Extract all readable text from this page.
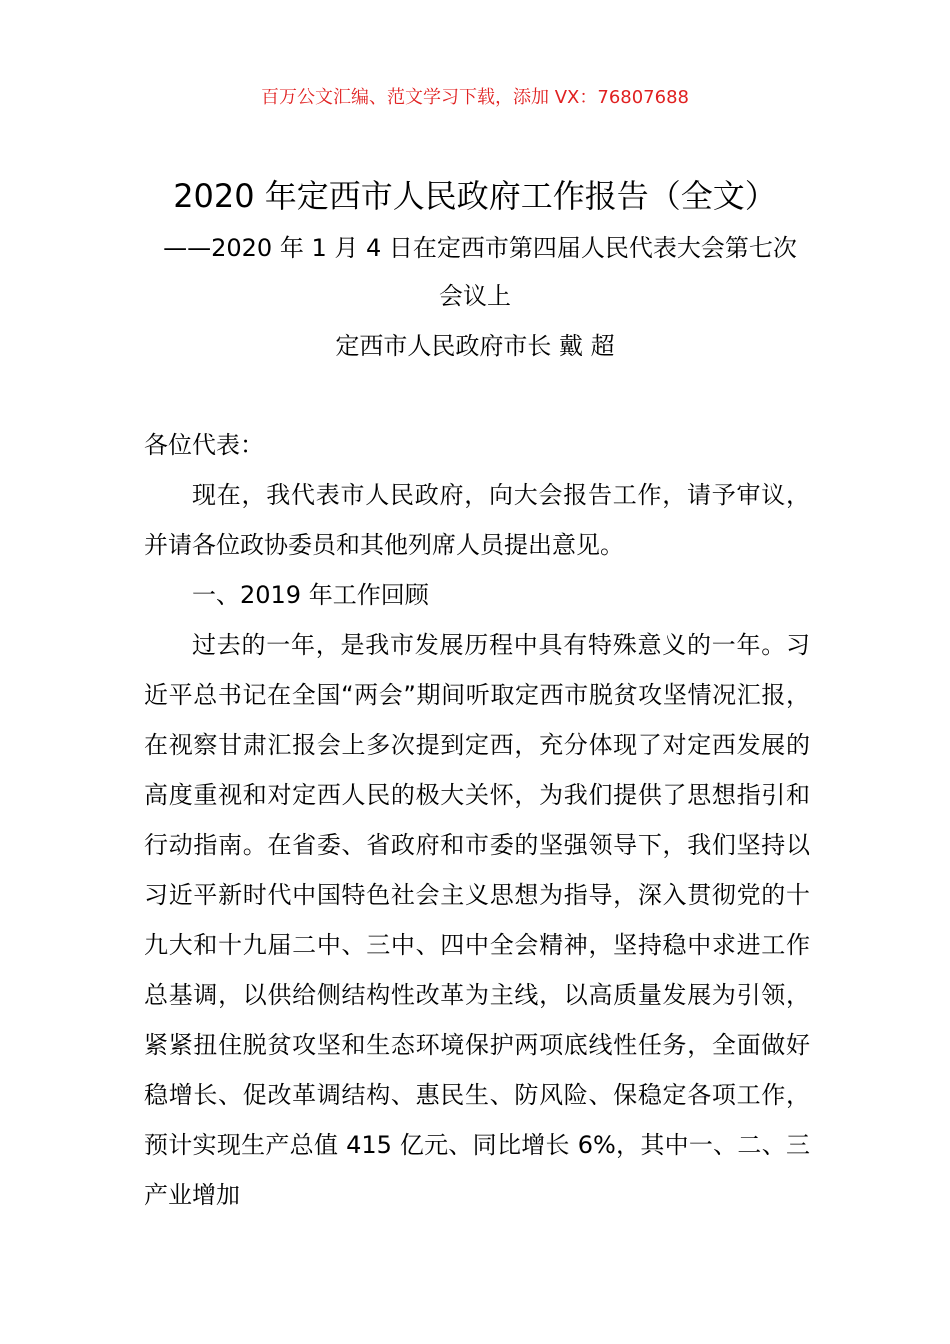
百万公文汇编、范文学习下载，添加 VX：76807688
2020 年定西市人民政府工作报告（全文）
——2020 年 1 月 4 日在定西市第四届人民代表大会第七次
会议上
定西市人民政府市长 戴 超

各位代表：

现在，我代表市人民政府，向大会报告工作，请予审议，并请各位政协委员和其他列席人员提出意见。

一、2019 年工作回顾

过去的一年，是我市发展历程中具有特殊意义的一年。习近平总书记在全国“两会”期间听取定西市脱贫攻坚情况汇报，在视察甘肃汇报会上多次提到定西，充分体现了对定西发展的高度重视和对定西人民的极大关怀，为我们提供了思想指引和行动指南。在省委、省政府和市委的坚强领导下，我们坚持以习近平新时代中国特色社会主义思想为指导，深入贯彻党的十九大和十九届二中、三中、四中全会精神，坚持稳中求进工作总基调，以供给侧结构性改革为主线，以高质量发展为引领，紧紧扭住脱贫攻坚和生态环境保护两项底线性任务，全面做好稳增长、促改革调结构、惠民生、防风险、保稳定各项工作，预计实现生产总值 415 亿元、同比增长 6%，其中一、二、三产业增加
